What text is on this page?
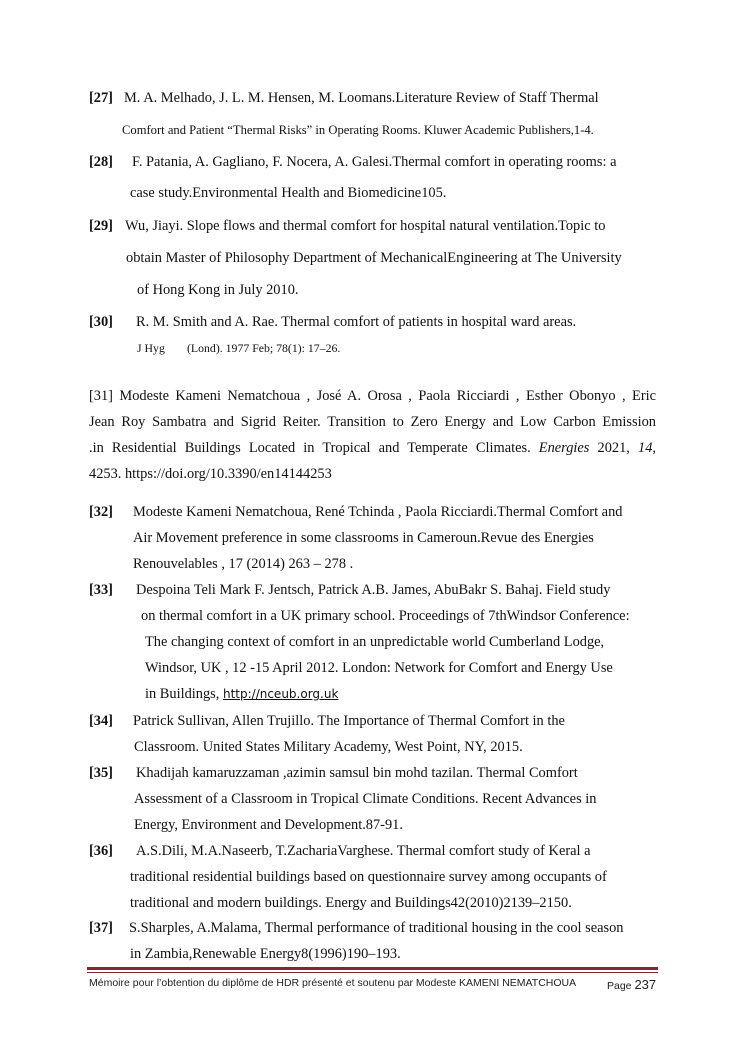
[27] M. A. Melhado, J. L. M. Hensen, M. Loomans.Literature Review of Staff Thermal
Comfort and Patient “Thermal Risks” in Operating Rooms. Kluwer Academic Publishers,1-4.
[28] F. Patania, A. Gagliano, F. Nocera, A. Galesi.Thermal comfort in operating rooms: a
case study.Environmental Health and Biomedicine105.
[29] Wu, Jiayi. Slope flows and thermal comfort for hospital natural ventilation.Topic to
obtain Master of Philosophy Department of MechanicalEngineering at The University
of Hong Kong in July 2010.
[30] R. M. Smith and A. Rae. Thermal comfort of patients in hospital ward areas.
J Hyg (Lond). 1977 Feb; 78(1): 17–26.
[31] Modeste Kameni Nematchoua , José A. Orosa , Paola Ricciardi , Esther Obonyo , Eric
Jean Roy Sambatra and Sigrid Reiter. Transition to Zero Energy and Low Carbon Emission
.in Residential Buildings Located in Tropical and Temperate Climates. Energies 2021, 14,
4253. https://doi.org/10.3390/en14144253
[32] Modeste Kameni Nematchoua, René Tchinda , Paola Ricciardi.Thermal Comfort and
Air Movement preference in some classrooms in Cameroun.Revue des Energies
Renouvelables , 17 (2014) 263 – 278 .
[33] Despoina Teli Mark F. Jentsch, Patrick A.B. James, AbuBakr S. Bahaj. Field study
on thermal comfort in a UK primary school. Proceedings of 7thWindsor Conference:
The changing context of comfort in an unpredictable world Cumberland Lodge,
Windsor, UK , 12 -15 April 2012. London: Network for Comfort and Energy Use
in Buildings, http://nceub.org.uk
[34] Patrick Sullivan, Allen Trujillo. The Importance of Thermal Comfort in the
Classroom. United States Military Academy, West Point, NY, 2015.
[35] Khadijah kamaruzzaman ,azimin samsul bin mohd tazilan. Thermal Comfort
Assessment of a Classroom in Tropical Climate Conditions. Recent Advances in
Energy, Environment and Development.87-91.
[36] A.S.Dili, M.A.Naseerb, T.ZachariaVarghese. Thermal comfort study of Keral a
traditional residential buildings based on questionnaire survey among occupants of
traditional and modern buildings. Energy and Buildings42(2010)2139–2150.
[37] S.Sharples, A.Malama, Thermal performance of traditional housing in the cool season
in Zambia,Renewable Energy8(1996)190–193.
Mémoire pour l’obtention du diplôme de HDR présenté et soutenu par Modeste KAMENI NEMATCHOUA	Page 237
